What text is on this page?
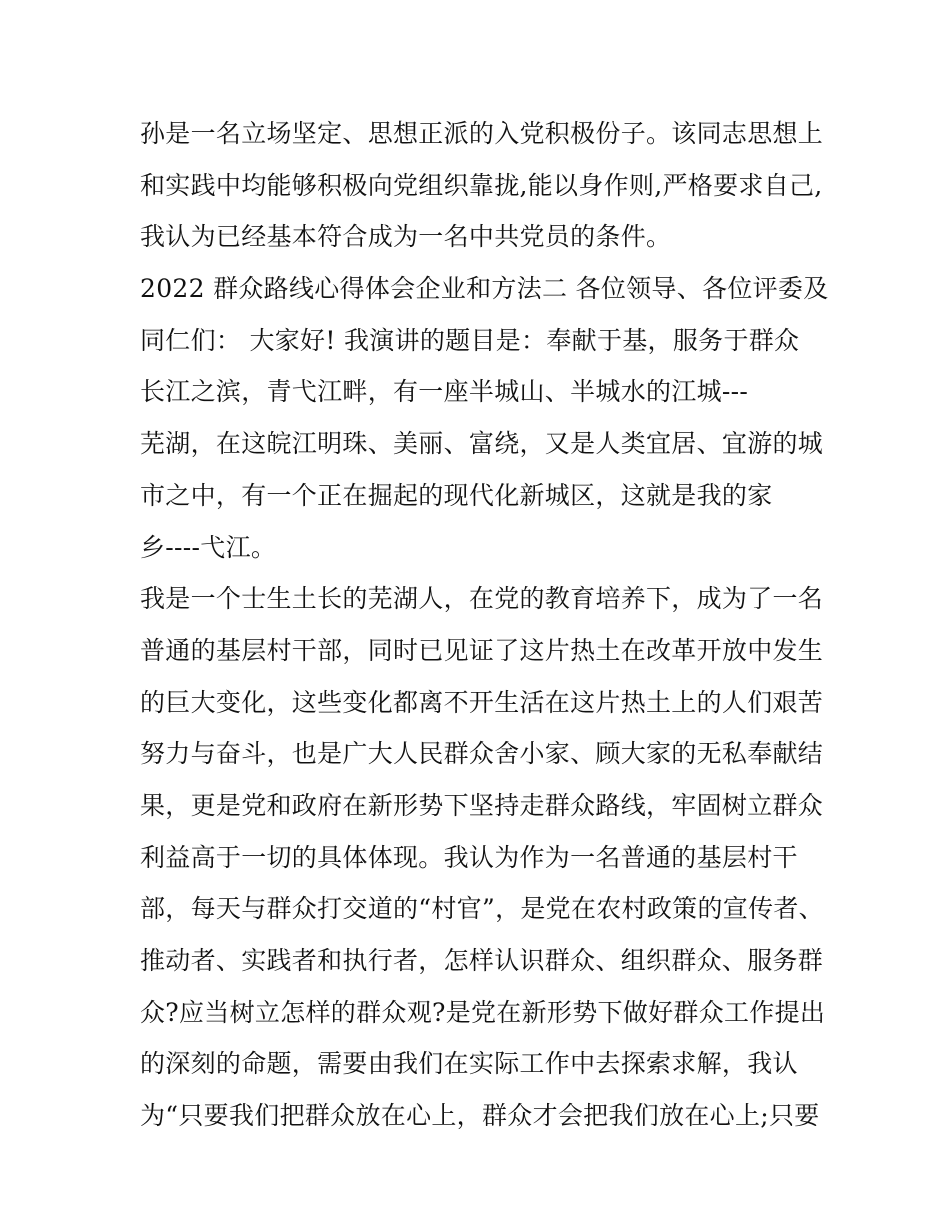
孙是一名立场坚定、思想正派的入党积极份子。该同志思想上
和实践中均能够积极向党组织靠拢,能以身作则,严格要求自己,
我认为已经基本符合成为一名中共党员的条件。
2022 群众路线心得体会企业和方法二 各位领导、各位评委及
同仁们： 大家好! 我演讲的题目是：奉献于基，服务于群众
长江之滨，青弋江畔，有一座半城山、半城水的江城---
芜湖，在这皖江明珠、美丽、富绕，又是人类宜居、宜游的城
市之中，有一个正在掘起的现代化新城区，这就是我的家
乡----弋江。
我是一个士生土长的芜湖人，在党的教育培养下，成为了一名
普通的基层村干部，同时已见证了这片热土在改革开放中发生
的巨大变化，这些变化都离不开生活在这片热土上的人们艰苦
努力与奋斗，也是广大人民群众舍小家、顾大家的无私奉献结
果，更是党和政府在新形势下坚持走群众路线，牢固树立群众
利益高于一切的具体体现。我认为作为一名普通的基层村干
部，每天与群众打交道的“村官”，是党在农村政策的宣传者、
推动者、实践者和执行者，怎样认识群众、组织群众、服务群
众?应当树立怎样的群众观?是党在新形势下做好群众工作提出
的深刻的命题，需要由我们在实际工作中去探索求解，我认
为“只要我们把群众放在心上，群众才会把我们放在心上;只要
